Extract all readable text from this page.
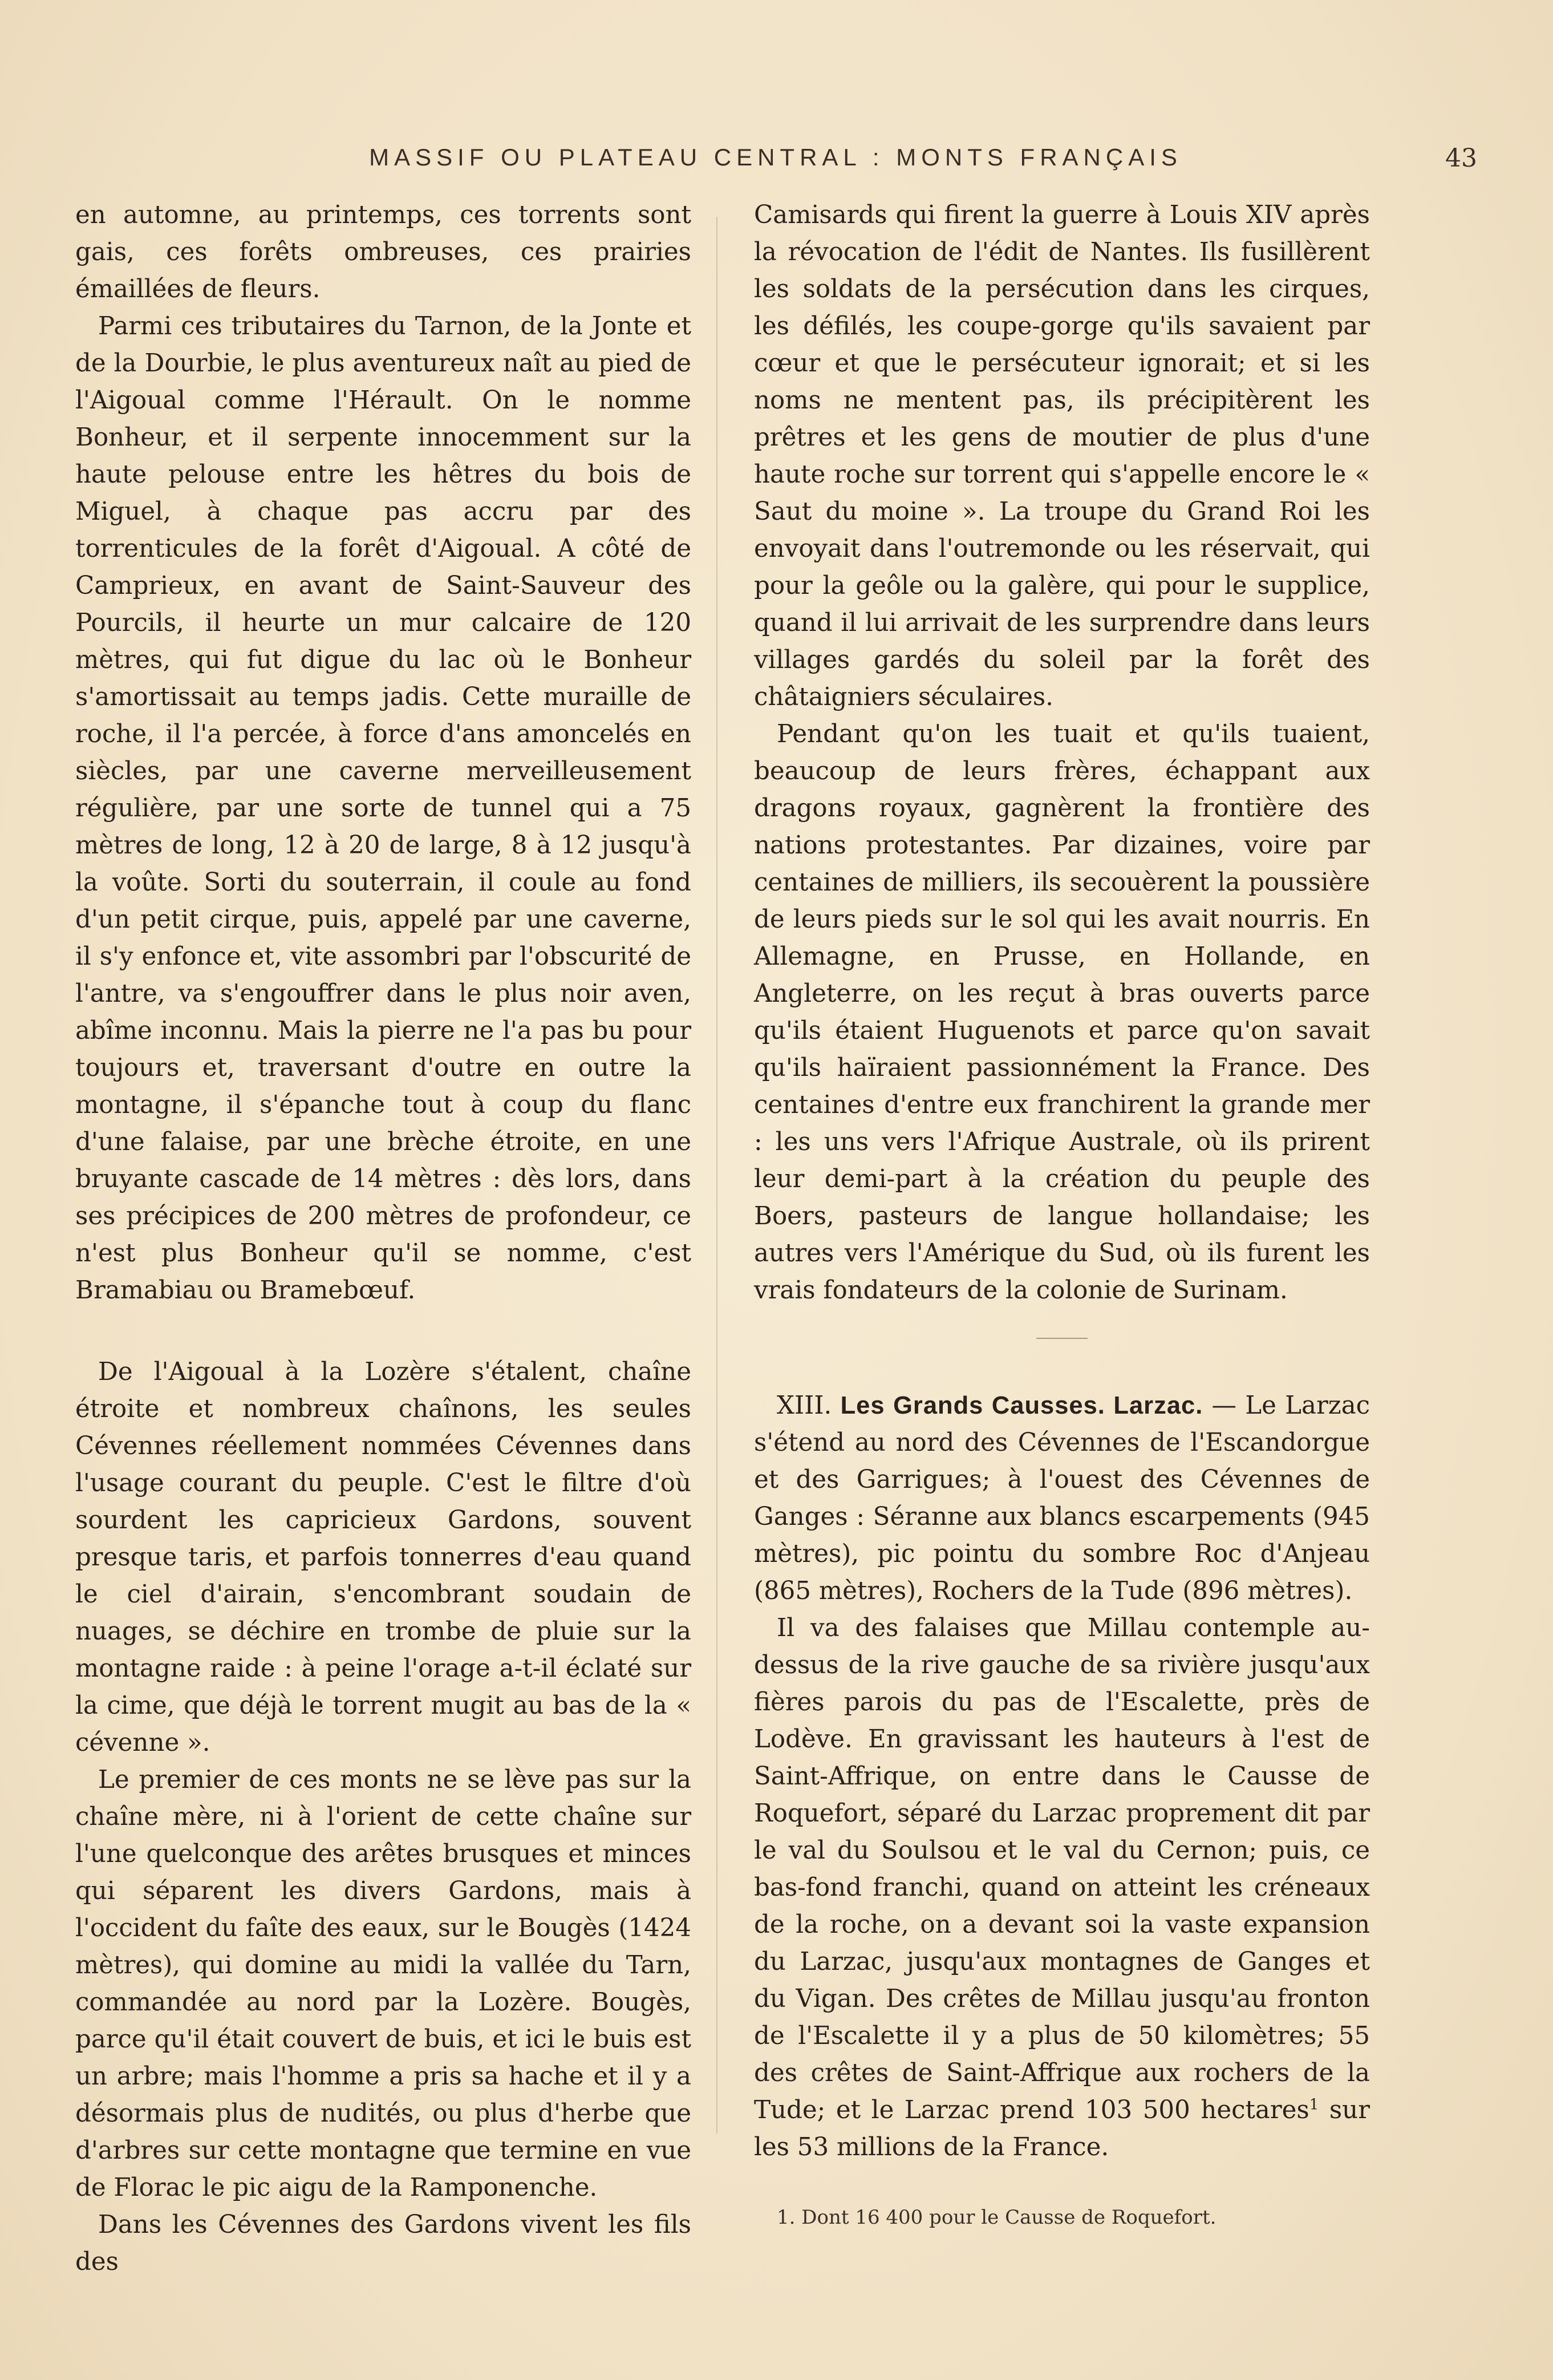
MASSIF OU PLATEAU CENTRAL : MONTS FRANÇAIS	43

en automne, au printemps, ces torrents sont gais, ces forêts ombreuses, ces prairies émaillées de fleurs.

Parmi ces tributaires du Tarnon, de la Jonte et de la Dourbie, le plus aventureux naît au pied de l'Aigoual comme l'Hérault. On le nomme Bonheur, et il serpente innocemment sur la haute pelouse entre les hêtres du bois de Miguel, à chaque pas accru par des torrenticules de la forêt d'Aigoual. A côté de Camprieux, en avant de Saint-Sauveur des Pourcils, il heurte un mur calcaire de 120 mètres, qui fut digue du lac où le Bonheur s'amortissait au temps jadis. Cette muraille de roche, il l'a percée, à force d'ans amoncelés en siècles, par une caverne merveilleusement régulière, par une sorte de tunnel qui a 75 mètres de long, 12 à 20 de large, 8 à 12 jusqu'à la voûte. Sorti du souterrain, il coule au fond d'un petit cirque, puis, appelé par une caverne, il s'y enfonce et, vite assombri par l'obscurité de l'antre, va s'engouffrer dans le plus noir aven, abîme inconnu. Mais la pierre ne l'a pas bu pour toujours et, traversant d'outre en outre la montagne, il s'épanche tout à coup du flanc d'une falaise, par une brèche étroite, en une bruyante cascade de 14 mètres : dès lors, dans ses précipices de 200 mètres de profondeur, ce n'est plus Bonheur qu'il se nomme, c'est Bramabiau ou Bramebœuf.

De l'Aigoual à la Lozère s'étalent, chaîne étroite et nombreux chaînons, les seules Cévennes réellement nommées Cévennes dans l'usage courant du peuple. C'est le filtre d'où sourdent les capricieux Gardons, souvent presque taris, et parfois tonnerres d'eau quand le ciel d'airain, s'encombrant soudain de nuages, se déchire en trombe de pluie sur la montagne raide : à peine l'orage a-t-il éclaté sur la cime, que déjà le torrent mugit au bas de la « cévenne ».

Le premier de ces monts ne se lève pas sur la chaîne mère, ni à l'orient de cette chaîne sur l'une quelconque des arêtes brusques et minces qui séparent les divers Gardons, mais à l'occident du faîte des eaux, sur le Bougès (1424 mètres), qui domine au midi la vallée du Tarn, commandée au nord par la Lozère. Bougès, parce qu'il était couvert de buis, et ici le buis est un arbre; mais l'homme a pris sa hache et il y a désormais plus de nudités, ou plus d'herbe que d'arbres sur cette montagne que termine en vue de Florac le pic aigu de la Ramponenche.

Dans les Cévennes des Gardons vivent les fils des

Camisards qui firent la guerre à Louis XIV après la révocation de l'édit de Nantes. Ils fusillèrent les soldats de la persécution dans les cirques, les défilés, les coupe-gorge qu'ils savaient par cœur et que le persécuteur ignorait; et si les noms ne mentent pas, ils précipitèrent les prêtres et les gens de moutier de plus d'une haute roche sur torrent qui s'appelle encore le « Saut du moine ». La troupe du Grand Roi les envoyait dans l'outremonde ou les réservait, qui pour la geôle ou la galère, qui pour le supplice, quand il lui arrivait de les surprendre dans leurs villages gardés du soleil par la forêt des châtaigniers séculaires.

Pendant qu'on les tuait et qu'ils tuaient, beaucoup de leurs frères, échappant aux dragons royaux, gagnèrent la frontière des nations protestantes. Par dizaines, voire par centaines de milliers, ils secouèrent la poussière de leurs pieds sur le sol qui les avait nourris. En Allemagne, en Prusse, en Hollande, en Angleterre, on les reçut à bras ouverts parce qu'ils étaient Huguenots et parce qu'on savait qu'ils haïraient passionnément la France. Des centaines d'entre eux franchirent la grande mer : les uns vers l'Afrique Australe, où ils prirent leur demi-part à la création du peuple des Boers, pasteurs de langue hollandaise; les autres vers l'Amérique du Sud, où ils furent les vrais fondateurs de la colonie de Surinam.

XIII. Les Grands Causses. Larzac. — Le Larzac s'étend au nord des Cévennes de l'Escandorgue et des Garrigues; à l'ouest des Cévennes de Ganges : Séranne aux blancs escarpements (945 mètres), pic pointu du sombre Roc d'Anjeau (865 mètres), Rochers de la Tude (896 mètres).

Il va des falaises que Millau contemple au-dessus de la rive gauche de sa rivière jusqu'aux fières parois du pas de l'Escalette, près de Lodève. En gravissant les hauteurs à l'est de Saint-Affrique, on entre dans le Causse de Roquefort, séparé du Larzac proprement dit par le val du Soulsou et le val du Cernon; puis, ce bas-fond franchi, quand on atteint les créneaux de la roche, on a devant soi la vaste expansion du Larzac, jusqu'aux montagnes de Ganges et du Vigan. Des crêtes de Millau jusqu'au fronton de l'Escalette il y a plus de 50 kilomètres; 55 des crêtes de Saint-Affrique aux rochers de la Tude; et le Larzac prend 103 500 hectares$^1$ sur les 53 millions de la France.

1. Dont 16 400 pour le Causse de Roquefort.
